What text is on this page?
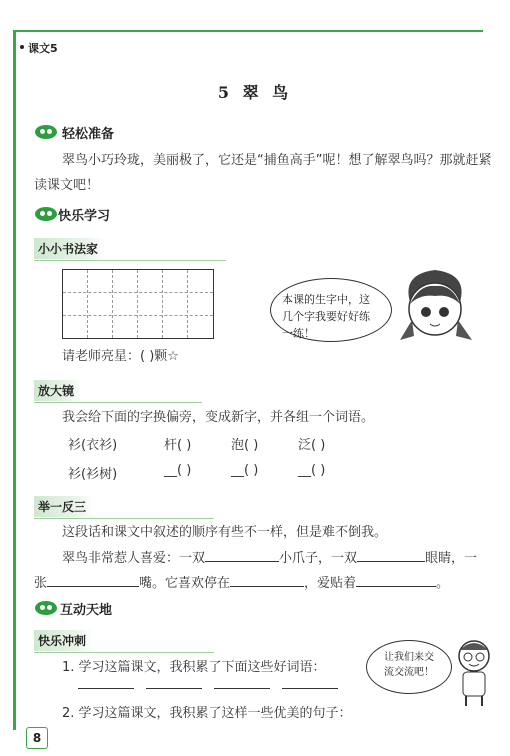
课文5
5 翠 鸟
轻松准备
翠鸟小巧玲珑，美丽极了，它还是“捕鱼高手”呢！想了解翠鸟吗？那就赶紧
读课文吧！
快乐学习
小小书法家
本课的生字中，这几个字我要好好练一练！
请老师亮星：( )颗☆
放大镜
我会给下面的字换偏旁，变成新字，并各组一个词语。
衫(衣衫)	杆( )	泡( )	泛( )
衫(衫树)	__( )	__( )	__( )
举一反三
这段话和课文中叙述的顺序有些不一样，但是难不倒我。
翠鸟非常惹人喜爱：一双	小爪子，一双	眼睛，一
张	嘴。它喜欢停在	，爱贴着	。
互动天地
快乐冲刺
1. 学习这篇课文，我积累了下面这些好词语：
2. 学习这篇课文，我积累了这样一些优美的句子：
让我们来交流交流吧！
8
